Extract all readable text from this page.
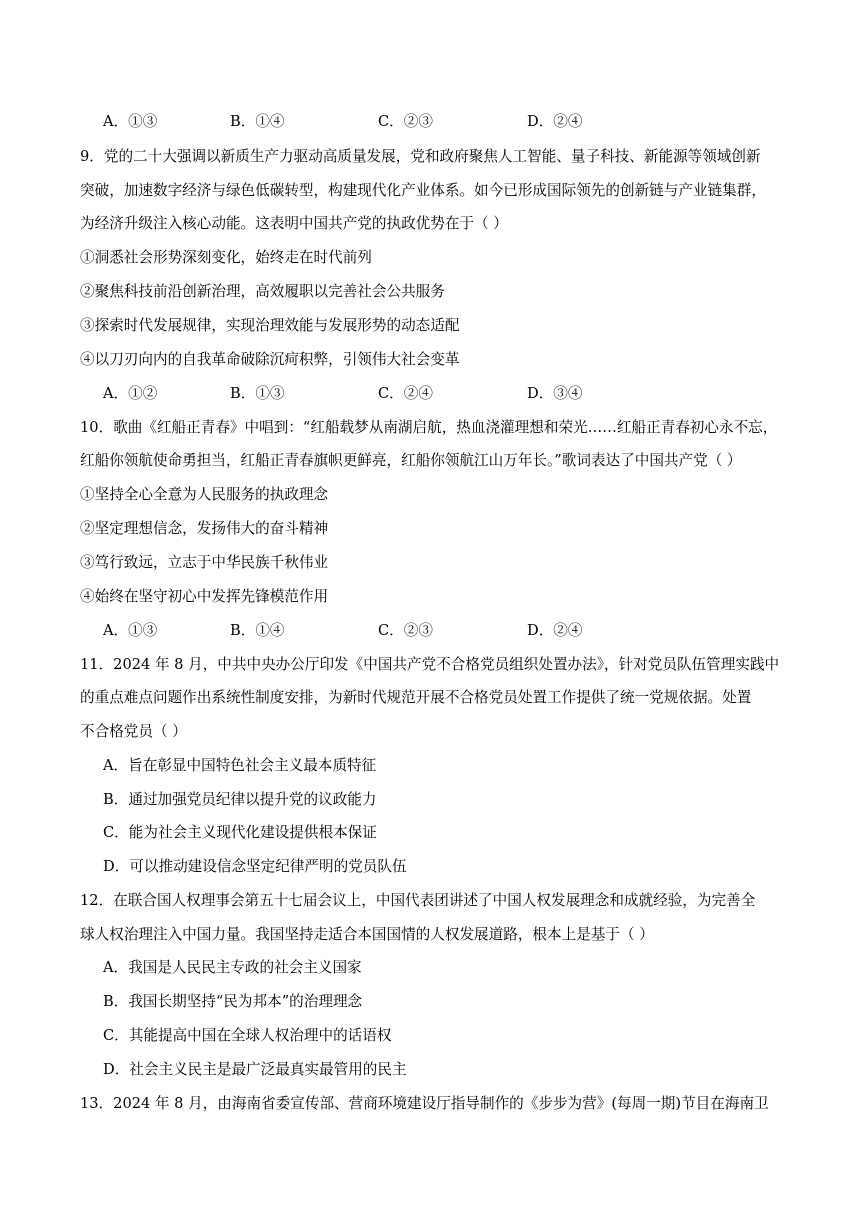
A．①③	B．①④	C．②③	D．②④
9．党的二十大强调以新质生产力驱动高质量发展，党和政府聚焦人工智能、量子科技、新能源等领域创新
突破，加速数字经济与绿色低碳转型，构建现代化产业体系。如今已形成国际领先的创新链与产业链集群，
为经济升级注入核心动能。这表明中国共产党的执政优势在于（ ）
①洞悉社会形势深刻变化，始终走在时代前列
②聚焦科技前沿创新治理，高效履职以完善社会公共服务
③探索时代发展规律，实现治理效能与发展形势的动态适配
④以刀刃向内的自我革命破除沉疴积弊，引领伟大社会变革
A．①②	B．①③	C．②④	D．③④
10．歌曲《红船正青春》中唱到：“红船载梦从南湖启航，热血浇灌理想和荣光……红船正青春初心永不忘，
红船你领航使命勇担当，红船正青春旗帜更鲜亮，红船你领航江山万年长。”歌词表达了中国共产党（ ）
①坚持全心全意为人民服务的执政理念
②坚定理想信念，发扬伟大的奋斗精神
③笃行致远，立志于中华民族千秋伟业
④始终在坚守初心中发挥先锋模范作用
A．①③	B．①④	C．②③	D．②④
11．2024 年 8 月，中共中央办公厅印发《中国共产党不合格党员组织处置办法》，针对党员队伍管理实践中
的重点难点问题作出系统性制度安排，为新时代规范开展不合格党员处置工作提供了统一党规依据。处置
不合格党员（ ）
A．旨在彰显中国特色社会主义最本质特征
B．通过加强党员纪律以提升党的议政能力
C．能为社会主义现代化建设提供根本保证
D．可以推动建设信念坚定纪律严明的党员队伍
12．在联合国人权理事会第五十七届会议上，中国代表团讲述了中国人权发展理念和成就经验，为完善全
球人权治理注入中国力量。我国坚持走适合本国国情的人权发展道路，根本上是基于（ ）
A．我国是人民民主专政的社会主义国家
B．我国长期坚持“民为邦本”的治理理念
C．其能提高中国在全球人权治理中的话语权
D．社会主义民主是最广泛最真实最管用的民主
13．2024 年 8 月，由海南省委宣传部、营商环境建设厅指导制作的《步步为营》(每周一期)节目在海南卫
